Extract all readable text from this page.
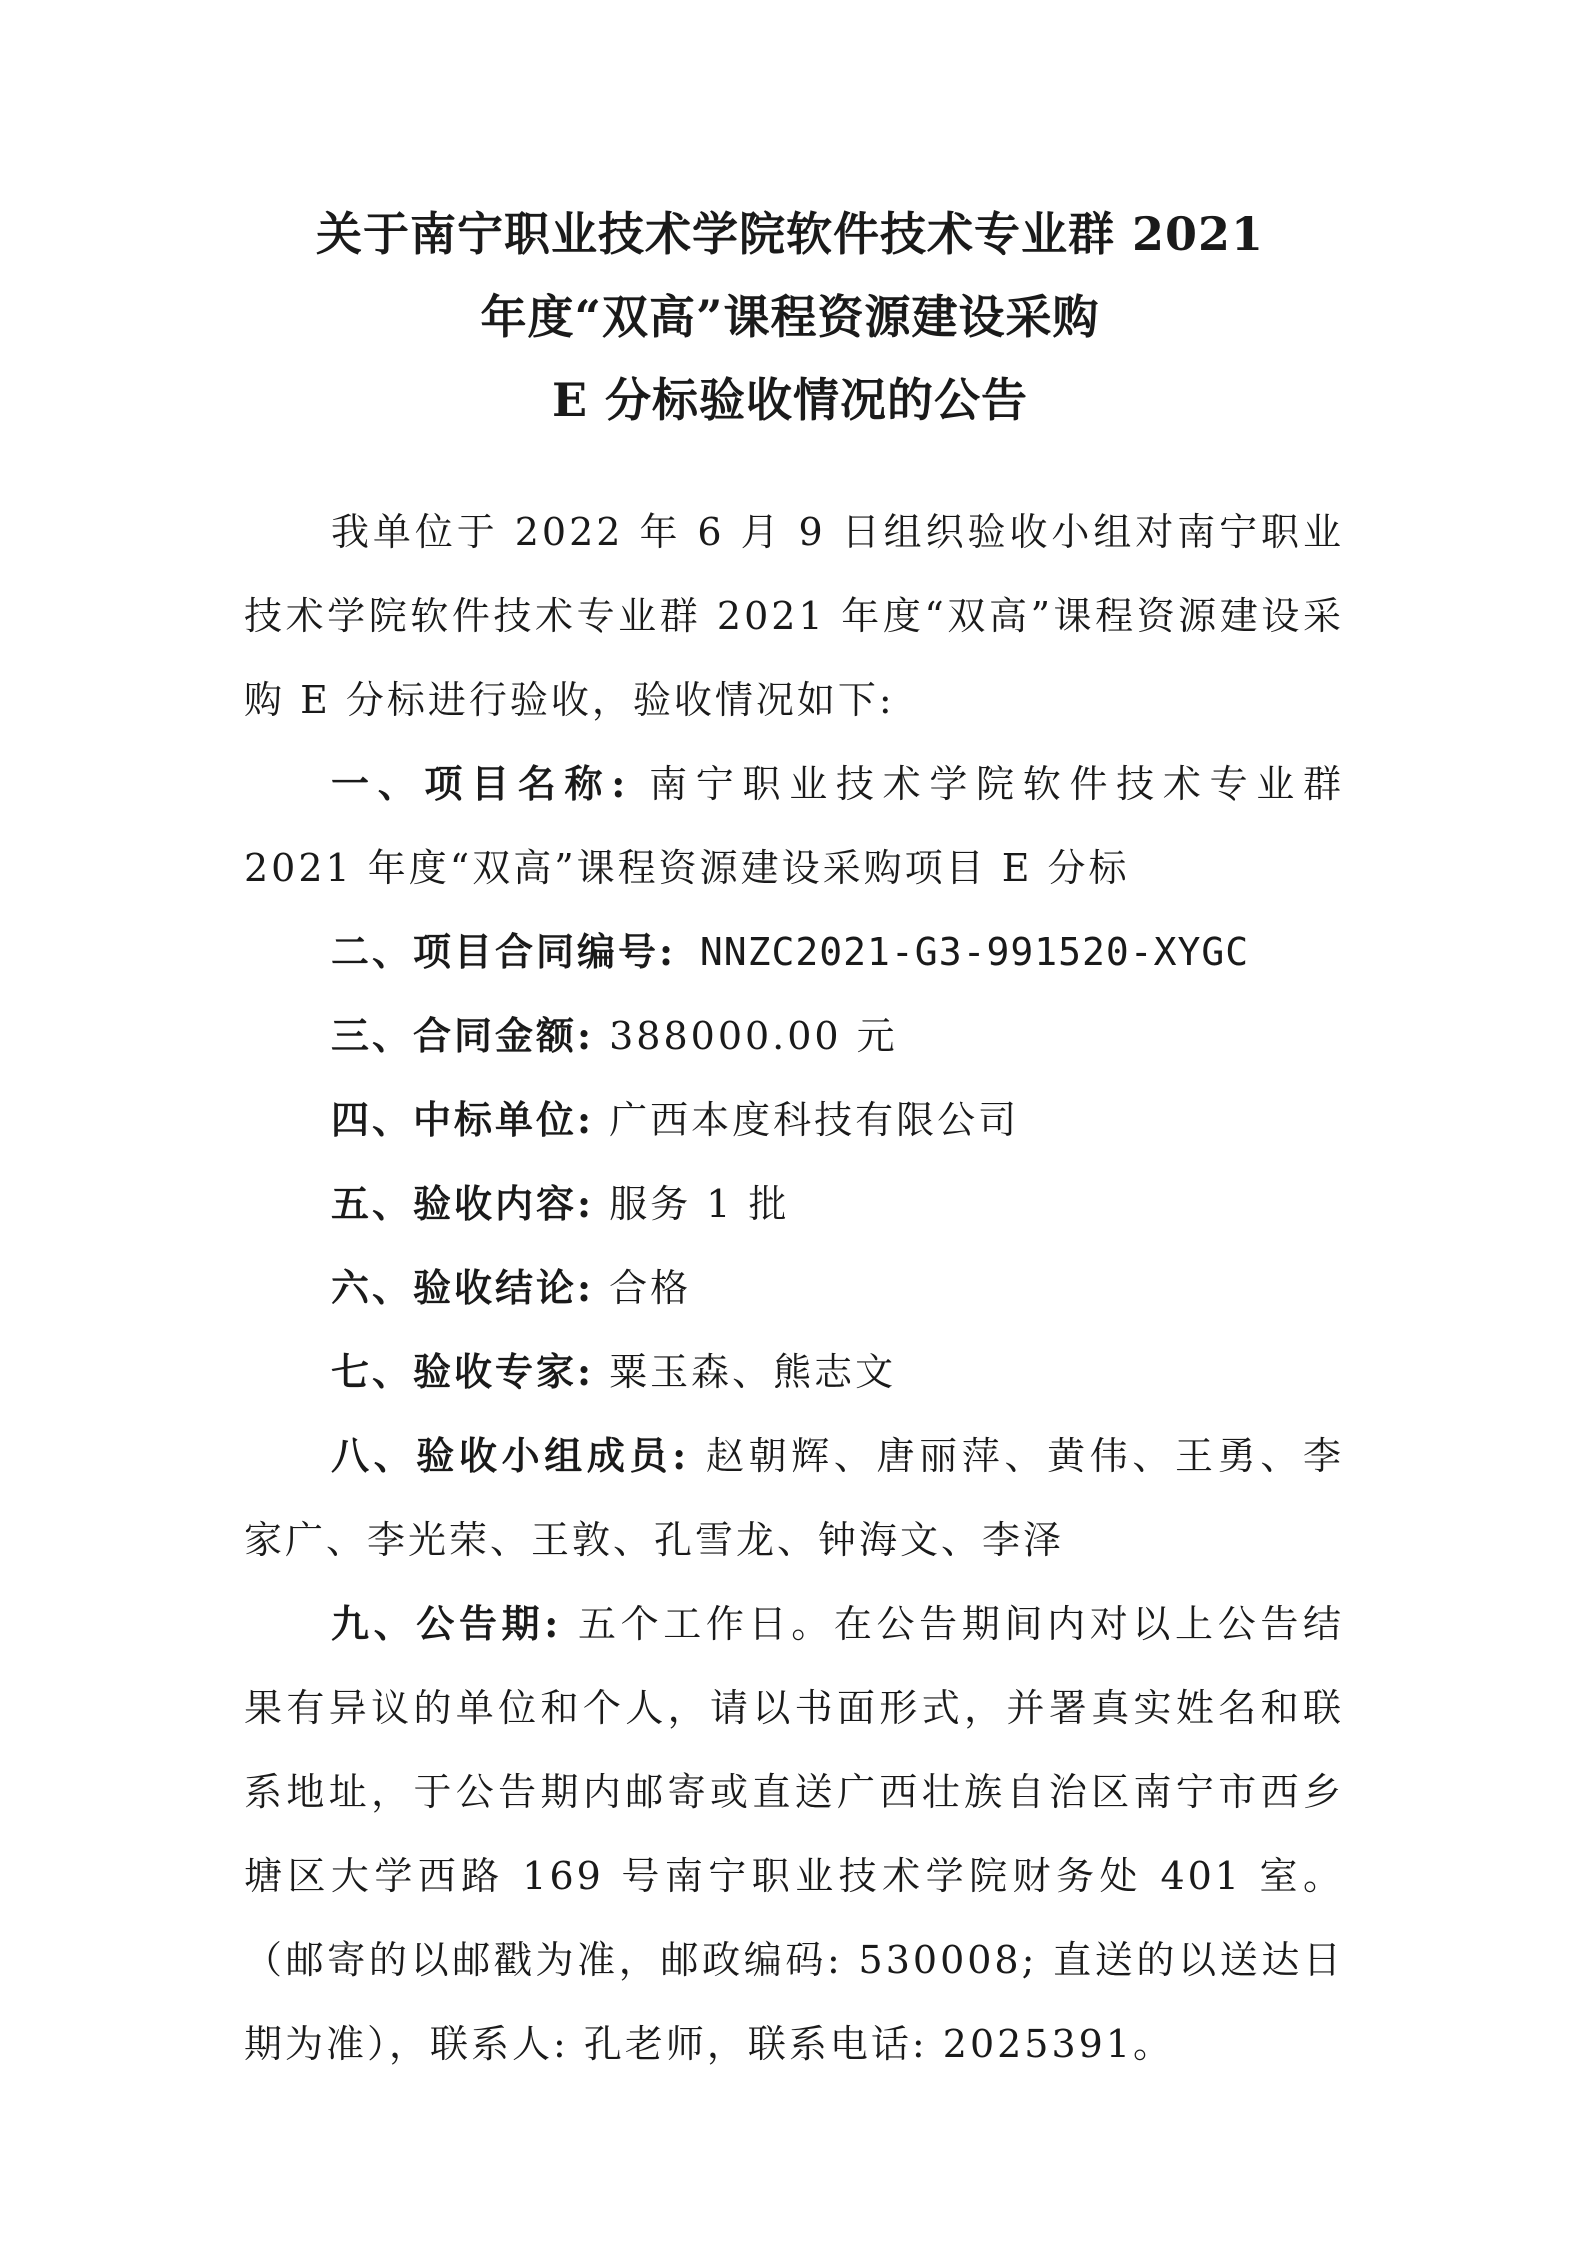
关于南宁职业技术学院软件技术专业群 2021
年度“双高”课程资源建设采购
E 分标验收情况的公告
我单位于 2022 年 6 月 9 日组织验收小组对南宁职业技术学院软件技术专业群 2021 年度“双高”课程资源建设采购 E 分标进行验收，验收情况如下:
一、项目名称: 南宁职业技术学院软件技术专业群 2021 年度“双高”课程资源建设采购项目 E 分标
二、项目合同编号: NNZC2021-G3-991520-XYGC
三、合同金额: 388000.00 元
四、中标单位: 广西本度科技有限公司
五、验收内容: 服务 1 批
六、验收结论: 合格
七、验收专家: 粟玉森、熊志文
八、验收小组成员: 赵朝辉、唐丽萍、黄伟、王勇、李家广、李光荣、王敦、孔雪龙、钟海文、李泽
九、公告期: 五个工作日。在公告期间内对以上公告结果有异议的单位和个人，请以书面形式，并署真实姓名和联系地址，于公告期内邮寄或直送广西壮族自治区南宁市西乡塘区大学西路 169 号南宁职业技术学院财务处 401 室。（邮寄的以邮戳为准，邮政编码: 530008; 直送的以送达日期为准），联系人: 孔老师，联系电话: 2025391。
